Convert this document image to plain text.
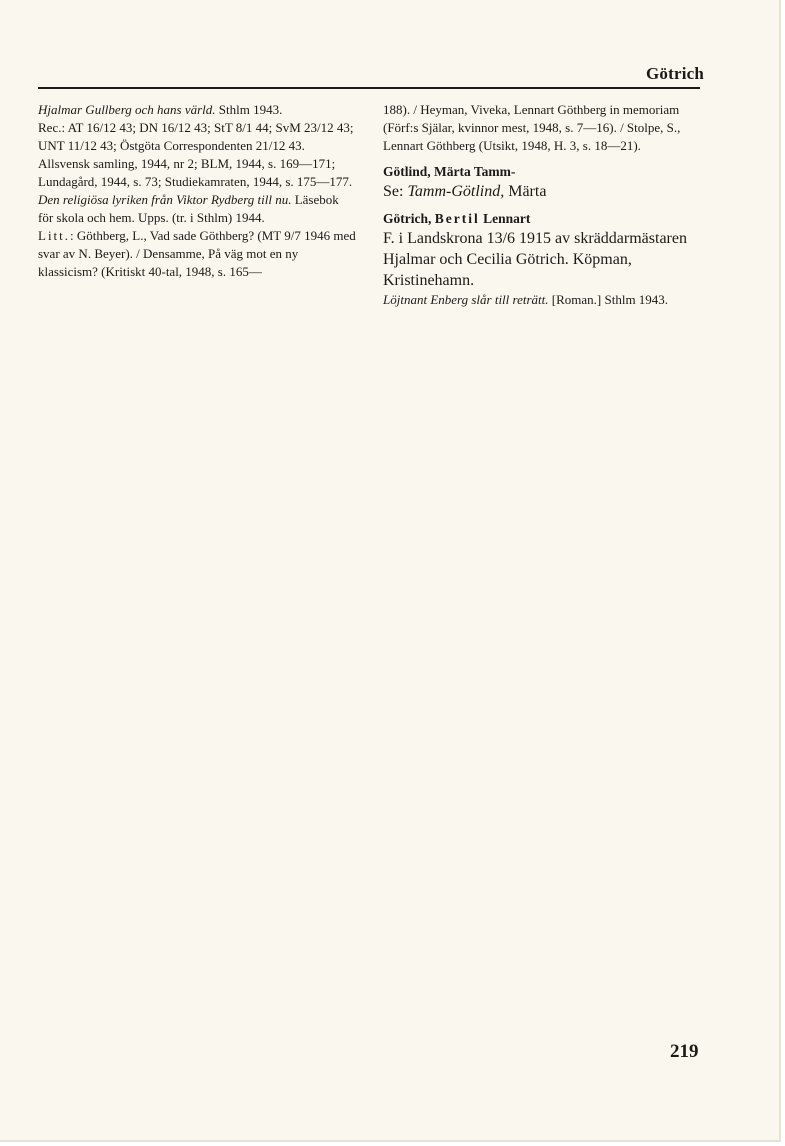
Götrich

Hjalmar Gullberg och hans värld. Sthlm 1943.

Rec.: AT 16/12 43; DN 16/12 43; StT 8/1 44; SvM 23/12 43; UNT 11/12 43; Östgöta Correspondenten 21/12 43.

Allsvensk samling, 1944, nr 2; BLM, 1944, s. 169—171; Lundagård, 1944, s. 73; Studiekamraten, 1944, s. 175—177.

Den religiösa lyriken från Viktor Rydberg till nu. Läsebok för skola och hem. Upps. (tr. i Sthlm) 1944.

Litt.: Göthberg, L., Vad sade Göthberg? (MT 9/7 1946 med svar av N. Beyer). / Densamme, På väg mot en ny klassicism? (Kritiskt 40-tal, 1948, s. 165—

188). / Heyman, Viveka, Lennart Göthberg in memoriam (Förf:s Själar, kvinnor mest, 1948, s. 7—16). / Stolpe, S., Lennart Göthberg (Utsikt, 1948, H. 3, s. 18—21).

Götlind, Märta Tamm-

Se: Tamm-Götlind, Märta

Götrich, Bertil Lennart

F. i Landskrona 13/6 1915 av skräddarmästaren Hjalmar och Cecilia Götrich. Köpman, Kristinehamn.

Löjtnant Enberg slår till reträtt. [Roman.] Sthlm 1943.

219
